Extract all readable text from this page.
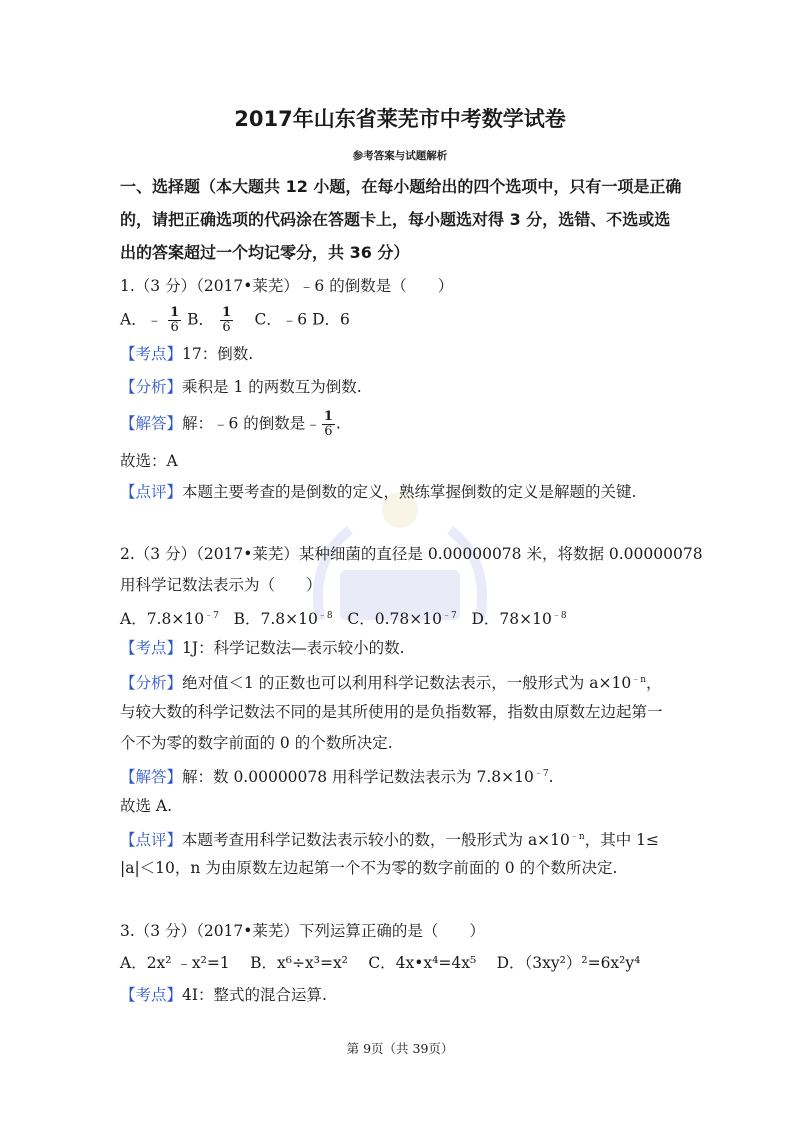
2017年山东省莱芜市中考数学试卷
参考答案与试题解析
一、选择题（本大题共 12 小题，在每小题给出的四个选项中，只有一项是正确
的，请把正确选项的代码涂在答题卡上，每小题选对得 3 分，选错、不选或选
出的答案超过一个均记零分，共 36 分）
1.（3 分）（2017•莱芜）﹣6 的倒数是（　　）
A．﹣ $\frac{1}{6}$ B． $\frac{1}{6}$ 　C．﹣6 D．6
【考点】17：倒数.
【分析】乘积是 1 的两数互为倒数.
【解答】解：﹣6 的倒数是﹣ $\frac{1}{6}$ .
故选：A
【点评】本题主要考查的是倒数的定义，熟练掌握倒数的定义是解题的关键.
2.（3 分）（2017•莱芜）某种细菌的直径是 0.00000078 米，将数据 0.00000078
用科学记数法表示为（　　）
A．$7.8\times 10^{﹣7}$ B．$7.8\times 10^{﹣8}$ C．$0.78\times 10^{﹣7}$ D．$78\times 10^{﹣8}$
【考点】1J：科学记数法—表示较小的数.
【分析】绝对值＜1 的正数也可以利用科学记数法表示，一般形式为 $a\times 10^{﹣n}$，
与较大数的科学记数法不同的是其所使用的是负指数幂，指数由原数左边起第一
个不为零的数字前面的 0 的个数所决定.
【解答】解：数 0.00000078 用科学记数法表示为 $7.8\times 10^{﹣7}$.
故选 A.
【点评】本题考查用科学记数法表示较小的数，一般形式为 $a\times 10^{﹣n}$，其中 1≤
|a|＜10，n 为由原数左边起第一个不为零的数字前面的 0 的个数所决定.
3.（3 分）（2017•莱芜）下列运算正确的是（　　）
A．2x² ﹣x²=1　 B．x⁶÷x³=x²　 C．4x•x⁴=4x⁵　 D．（3xy²）²=6x²y⁴
【考点】4I：整式的混合运算.
第 9页（共 39页）
